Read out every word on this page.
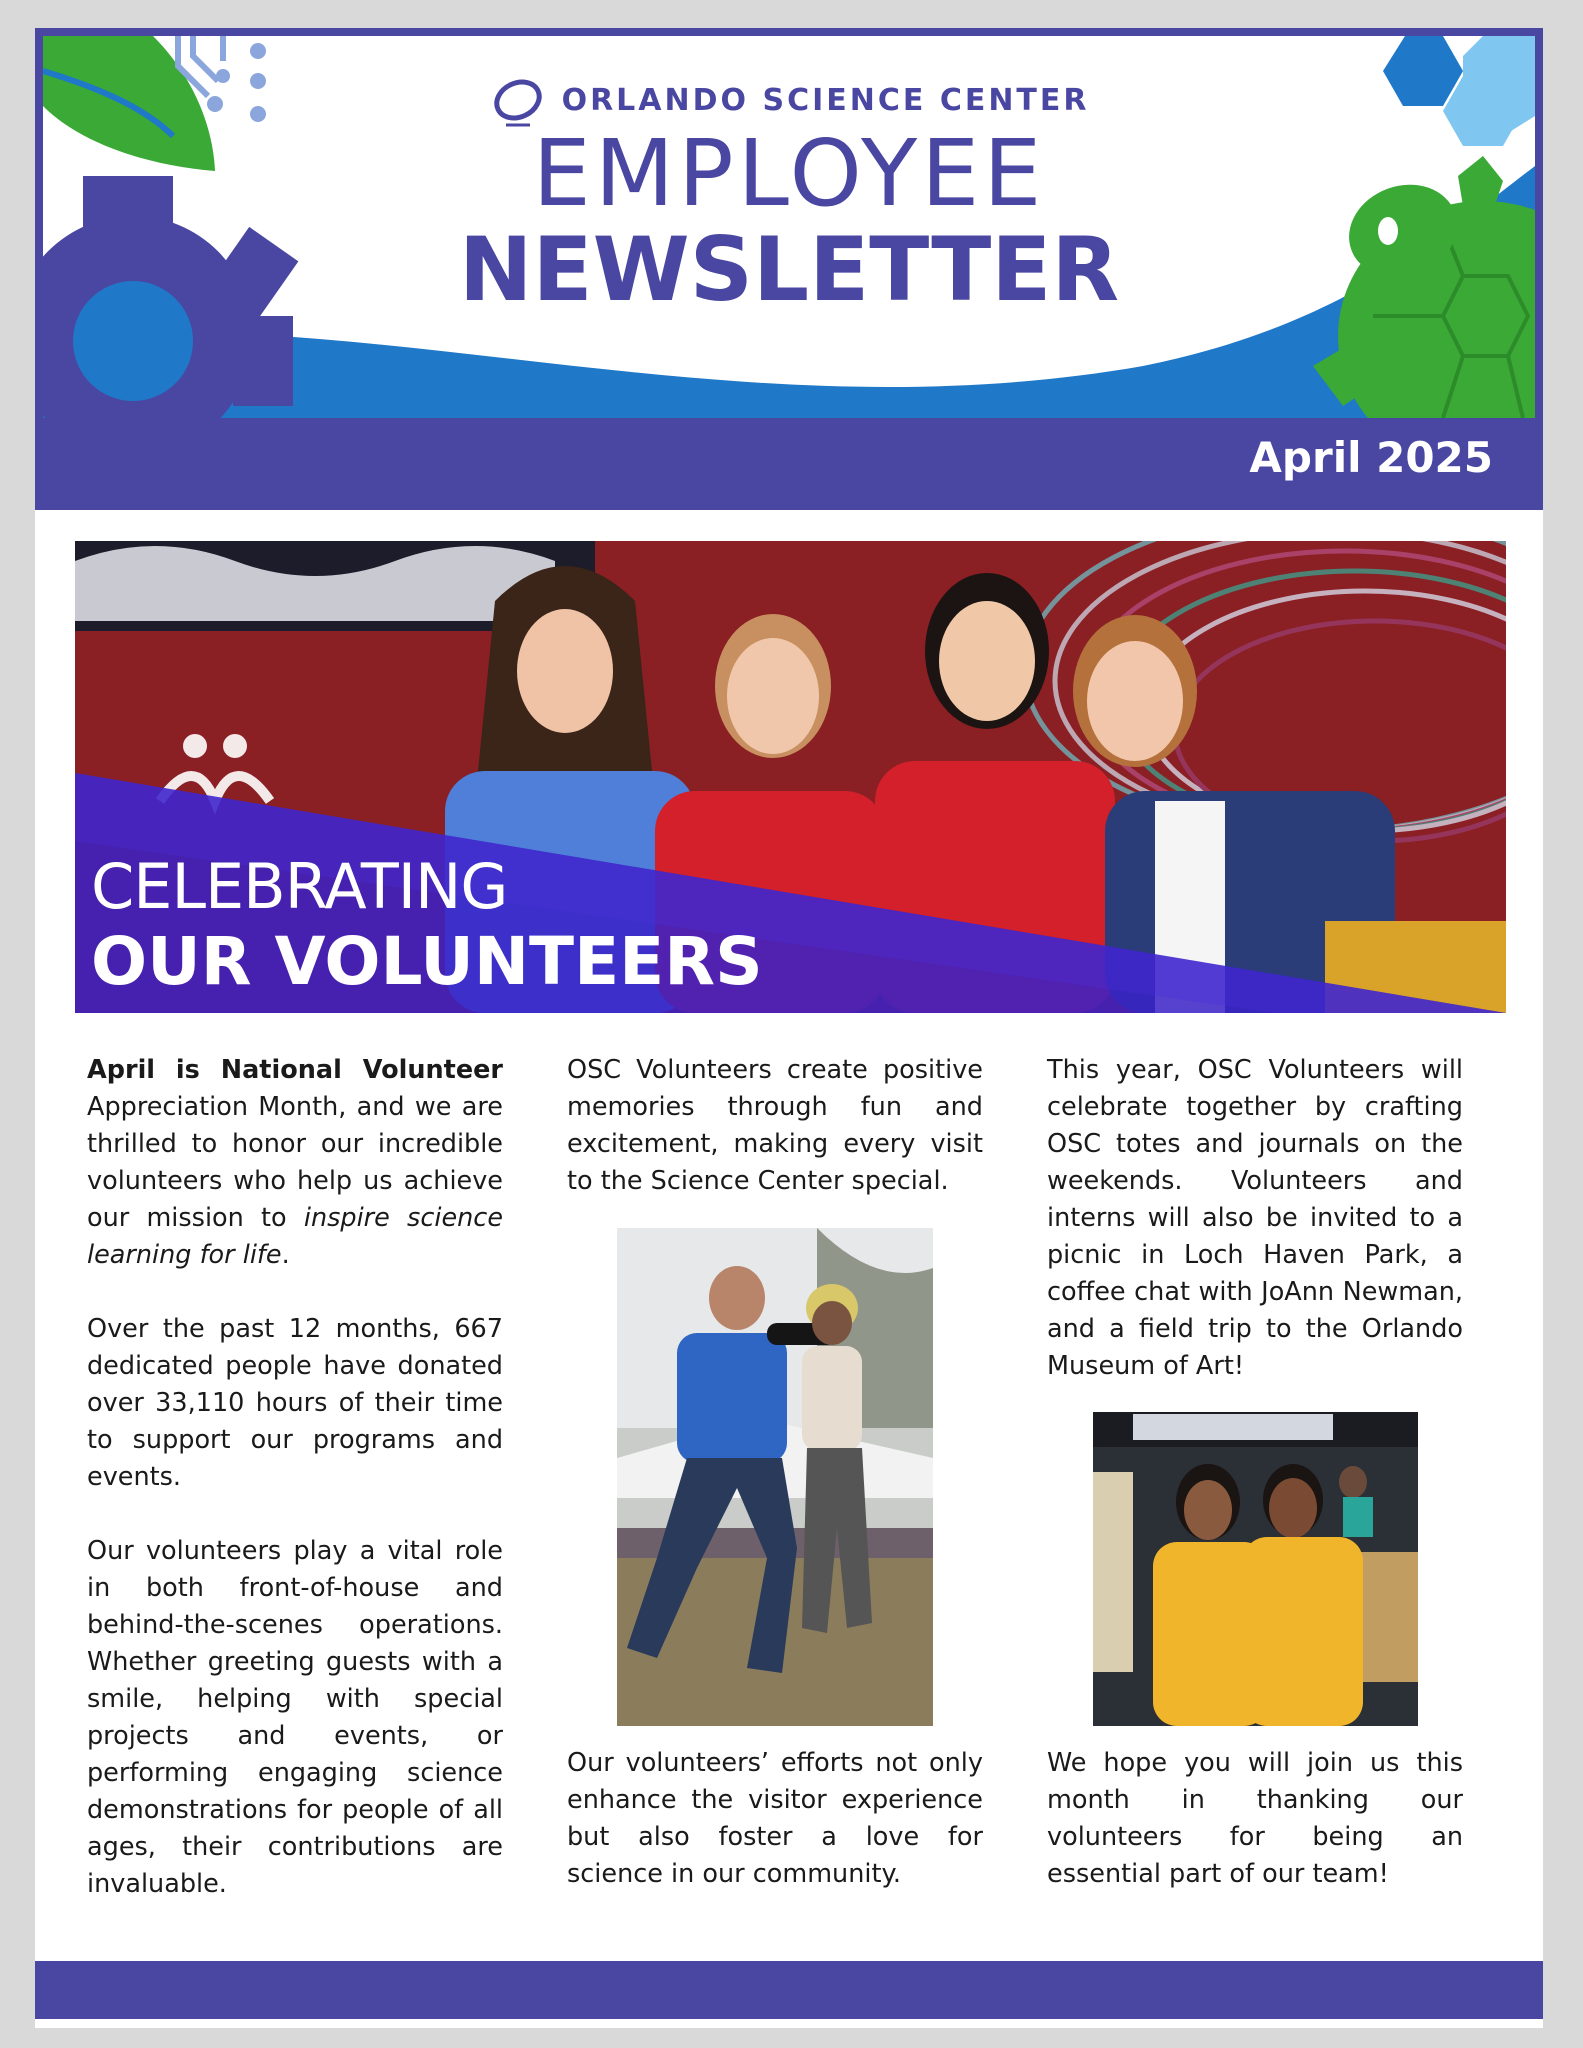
ORLANDO SCIENCE CENTER
EMPLOYEE
NEWSLETTER
April 2025
CELEBRATING
OUR VOLUNTEERS

April is National Volunteer Appreciation Month, and we are thrilled to honor our incredible volunteers who help us achieve our mission to inspire science learning for life.

Over the past 12 months, 667 dedicated people have donated over 33,110 hours of their time to support our programs and events.

Our volunteers play a vital role in both front-of-house and behind-the-scenes operations. Whether greeting guests with a smile, helping with special projects and events, or performing engaging science demonstrations for people of all ages, their contributions are invaluable.

OSC Volunteers create positive memories through fun and excitement, making every visit to the Science Center special.

Our volunteers’ efforts not only enhance the visitor experience but also foster a love for science in our community.

This year, OSC Volunteers will celebrate together by crafting OSC totes and journals on the weekends. Volunteers and interns will also be invited to a picnic in Loch Haven Park, a coffee chat with JoAnn Newman, and a field trip to the Orlando Museum of Art!

We hope you will join us this month in thanking our volunteers for being an essential part of our team!
